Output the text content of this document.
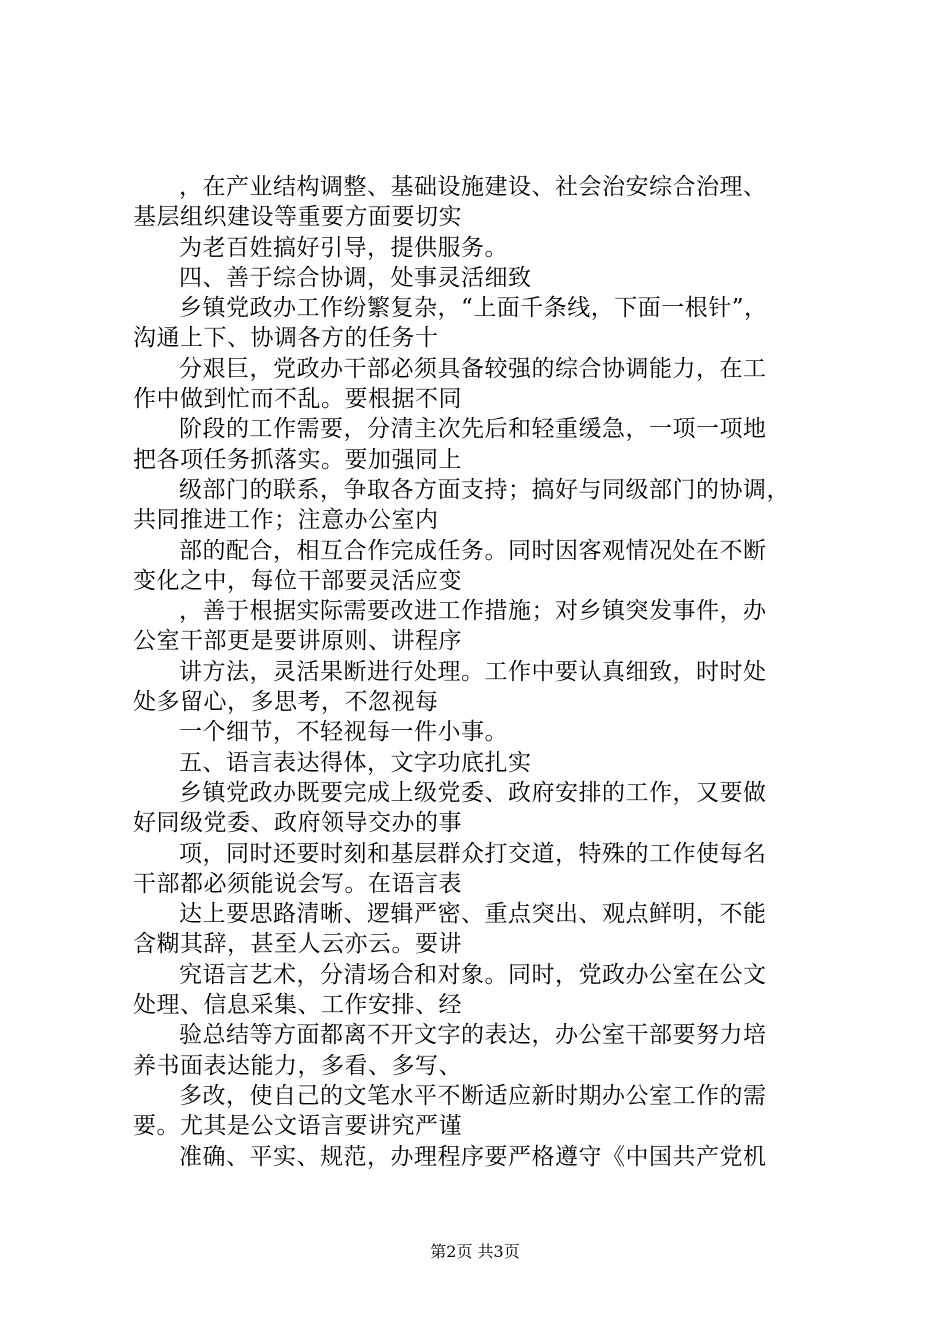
，在产业结构调整、基础设施建设、社会治安综合治理、
基层组织建设等重要方面要切实
为老百姓搞好引导，提供服务。
四、善于综合协调，处事灵活细致
乡镇党政办工作纷繁复杂，“上面千条线，下面一根针”，
沟通上下、协调各方的任务十
分艰巨，党政办干部必须具备较强的综合协调能力，在工
作中做到忙而不乱。要根据不同
阶段的工作需要，分清主次先后和轻重缓急，一项一项地
把各项任务抓落实。要加强同上
级部门的联系，争取各方面支持；搞好与同级部门的协调，
共同推进工作；注意办公室内
部的配合，相互合作完成任务。同时因客观情况处在不断
变化之中，每位干部要灵活应变
，善于根据实际需要改进工作措施；对乡镇突发事件，办
公室干部更是要讲原则、讲程序
讲方法，灵活果断进行处理。工作中要认真细致，时时处
处多留心，多思考，不忽视每
一个细节，不轻视每一件小事。
五、语言表达得体，文字功底扎实
乡镇党政办既要完成上级党委、政府安排的工作，又要做
好同级党委、政府领导交办的事
项，同时还要时刻和基层群众打交道，特殊的工作使每名
干部都必须能说会写。在语言表
达上要思路清晰、逻辑严密、重点突出、观点鲜明，不能
含糊其辞，甚至人云亦云。要讲
究语言艺术，分清场合和对象。同时，党政办公室在公文
处理、信息采集、工作安排、经
验总结等方面都离不开文字的表达，办公室干部要努力培
养书面表达能力，多看、多写、
多改，使自己的文笔水平不断适应新时期办公室工作的需
要。尤其是公文语言要讲究严谨
准确、平实、规范，办理程序要严格遵守《中国共产党机
第2页 共3页
